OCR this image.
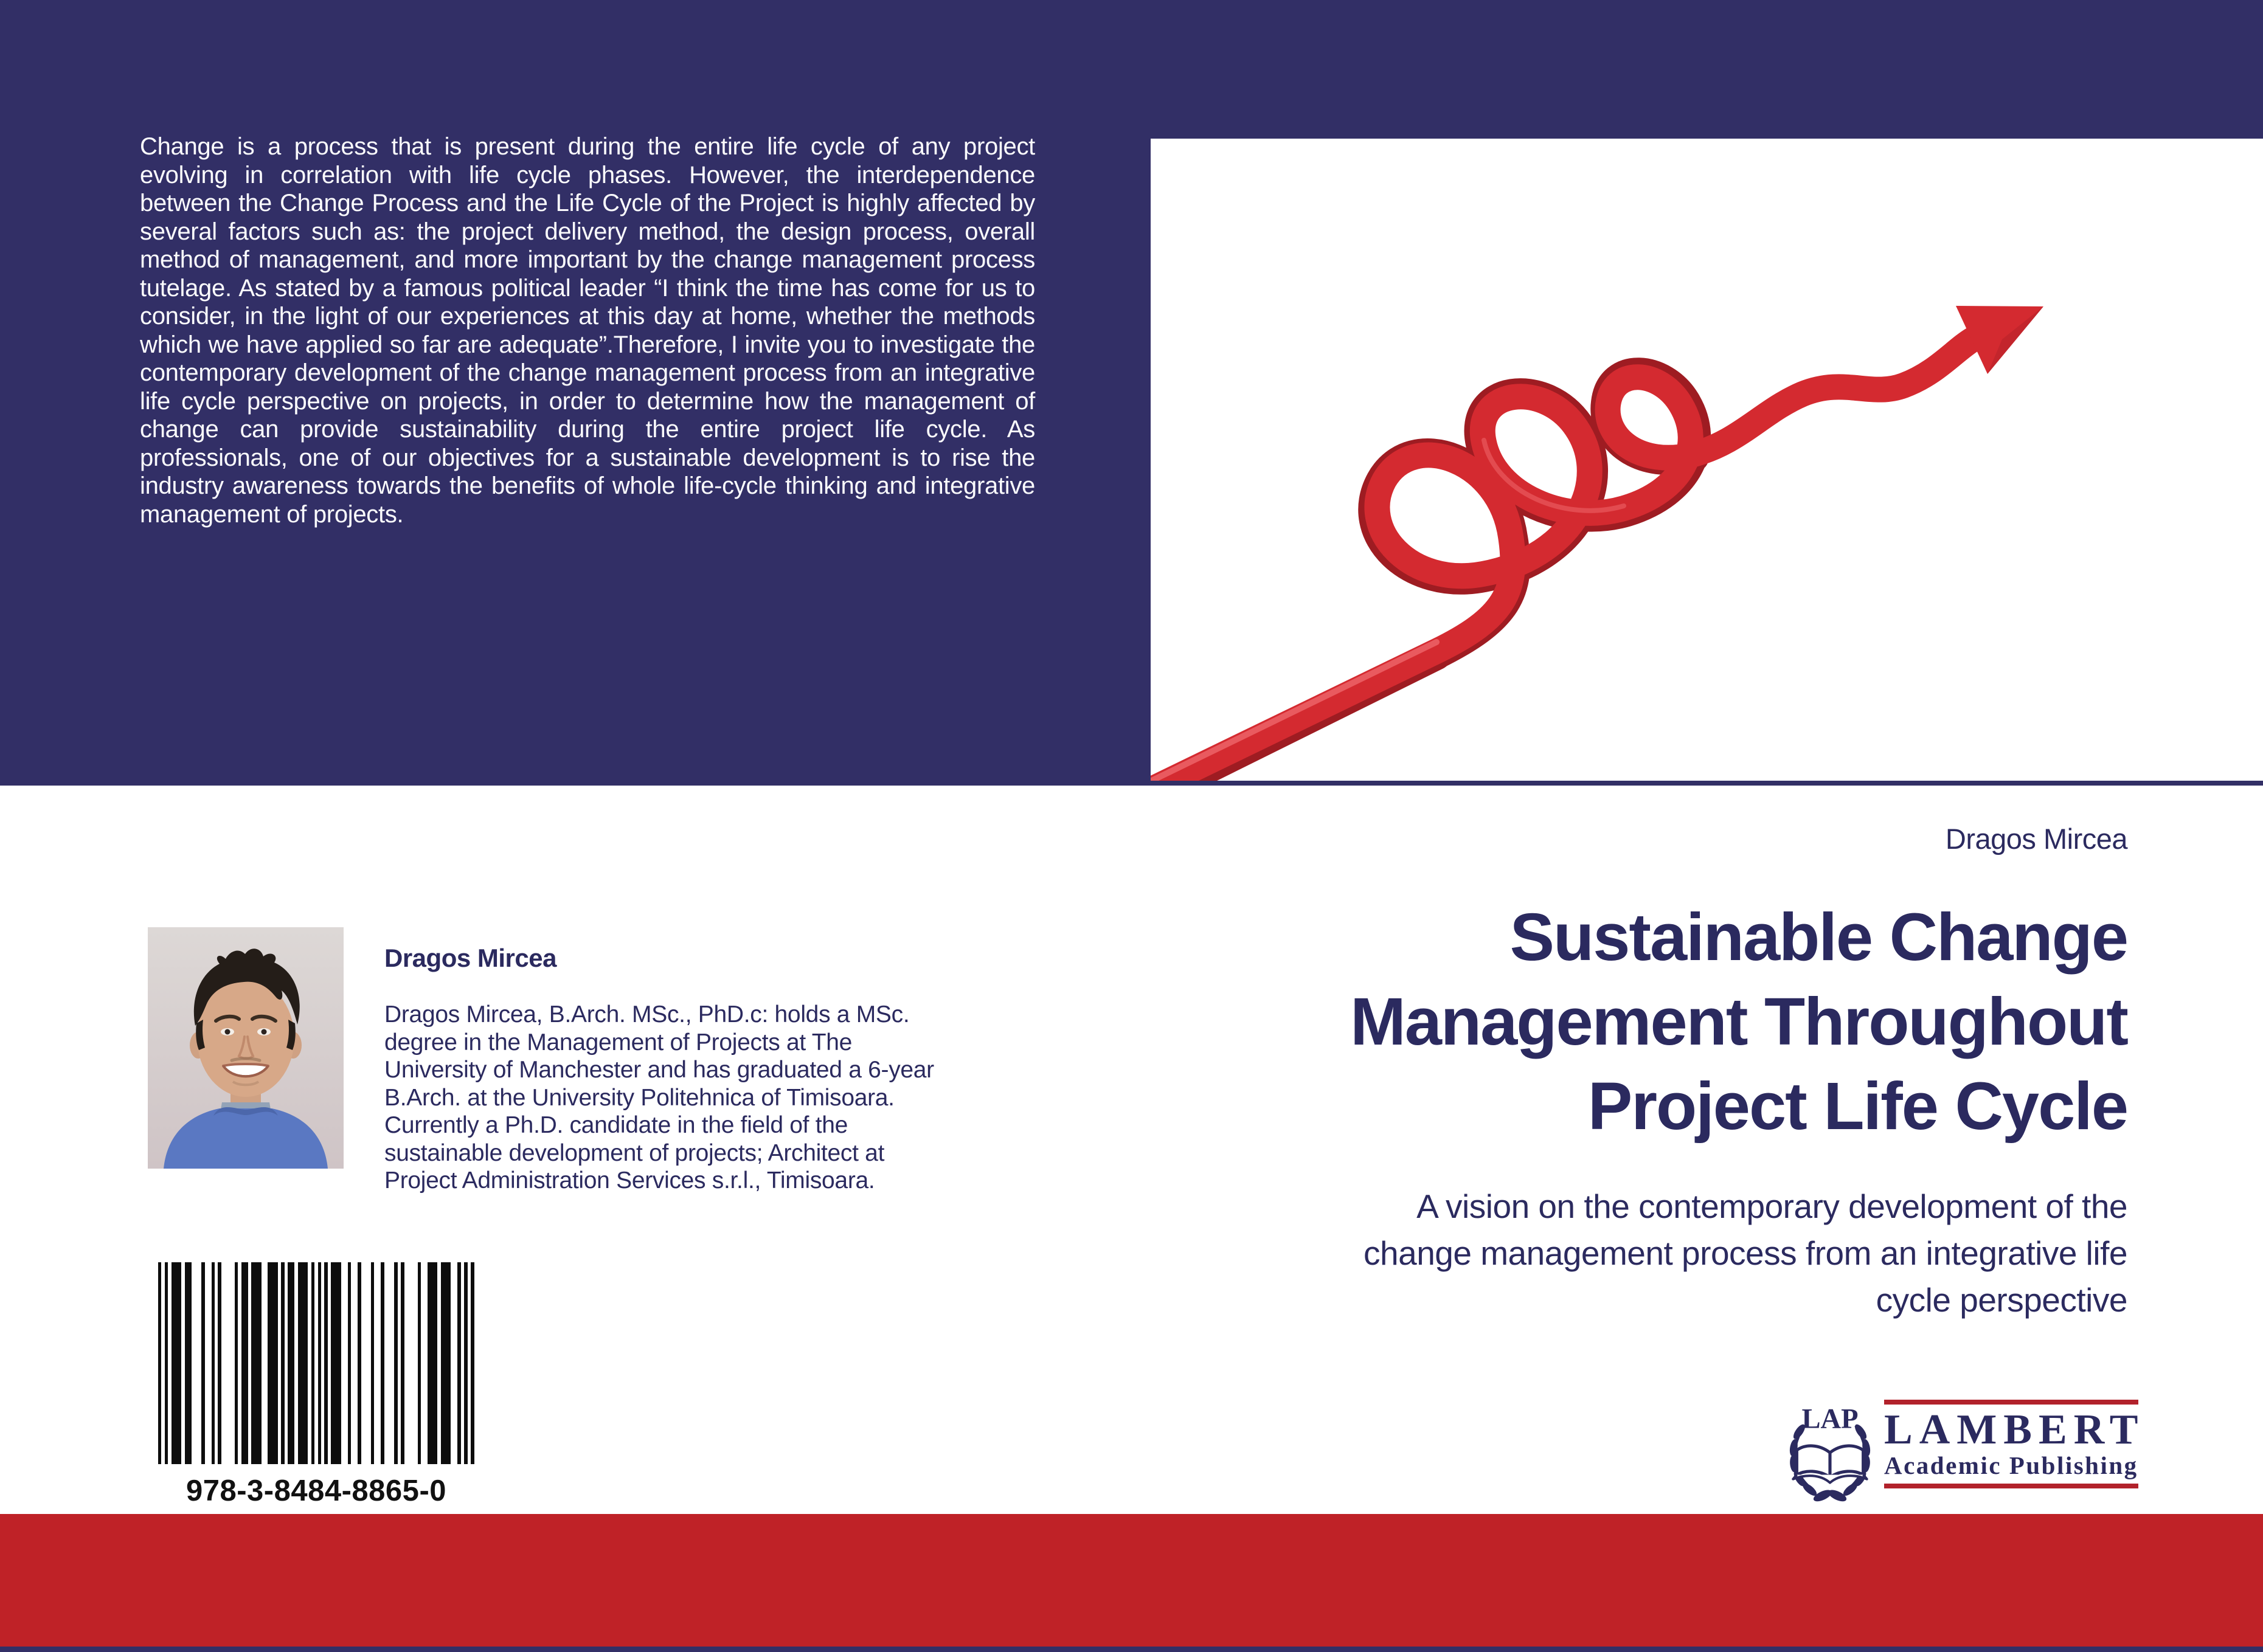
Change is a process that is present during the entire life cycle of any project evolving in correlation with life cycle phases. However, the interdependence between the Change Process and the Life Cycle of the Project is highly affected by several factors such as: the project delivery method, the design process, overall method of management, and more important by the change management process tutelage. As stated by a famous political leader “I think the time has come for us to consider, in the light of our experiences at this day at home, whether the methods which we have applied so far are adequate”.Therefore, I invite you to investigate the contemporary development of the change management process from an integrative life cycle perspective on projects, in order to determine how the management of change can provide sustainability during the entire project life cycle. As professionals, one of our objectives for a sustainable development is to rise the industry awareness towards the benefits of whole life-cycle thinking and integrative management of projects.
Dragos Mircea
Sustainable Change
Management Throughout
Project Life Cycle
A vision on the contemporary development of the
change management process from an integrative life
cycle perspective
Dragos Mircea
Dragos Mircea, B.Arch. MSc., PhD.c: holds a MSc.
degree in the Management of Projects at The
University of Manchester and has graduated a 6-year
B.Arch. at the University Politehnica of Timisoara.
Currently a Ph.D. candidate in the field of the
sustainable development of projects; Architect at
Project Administration Services s.r.l., Timisoara.
978-3-8484-8865-0
LAP LAMBERT
Academic Publishing
